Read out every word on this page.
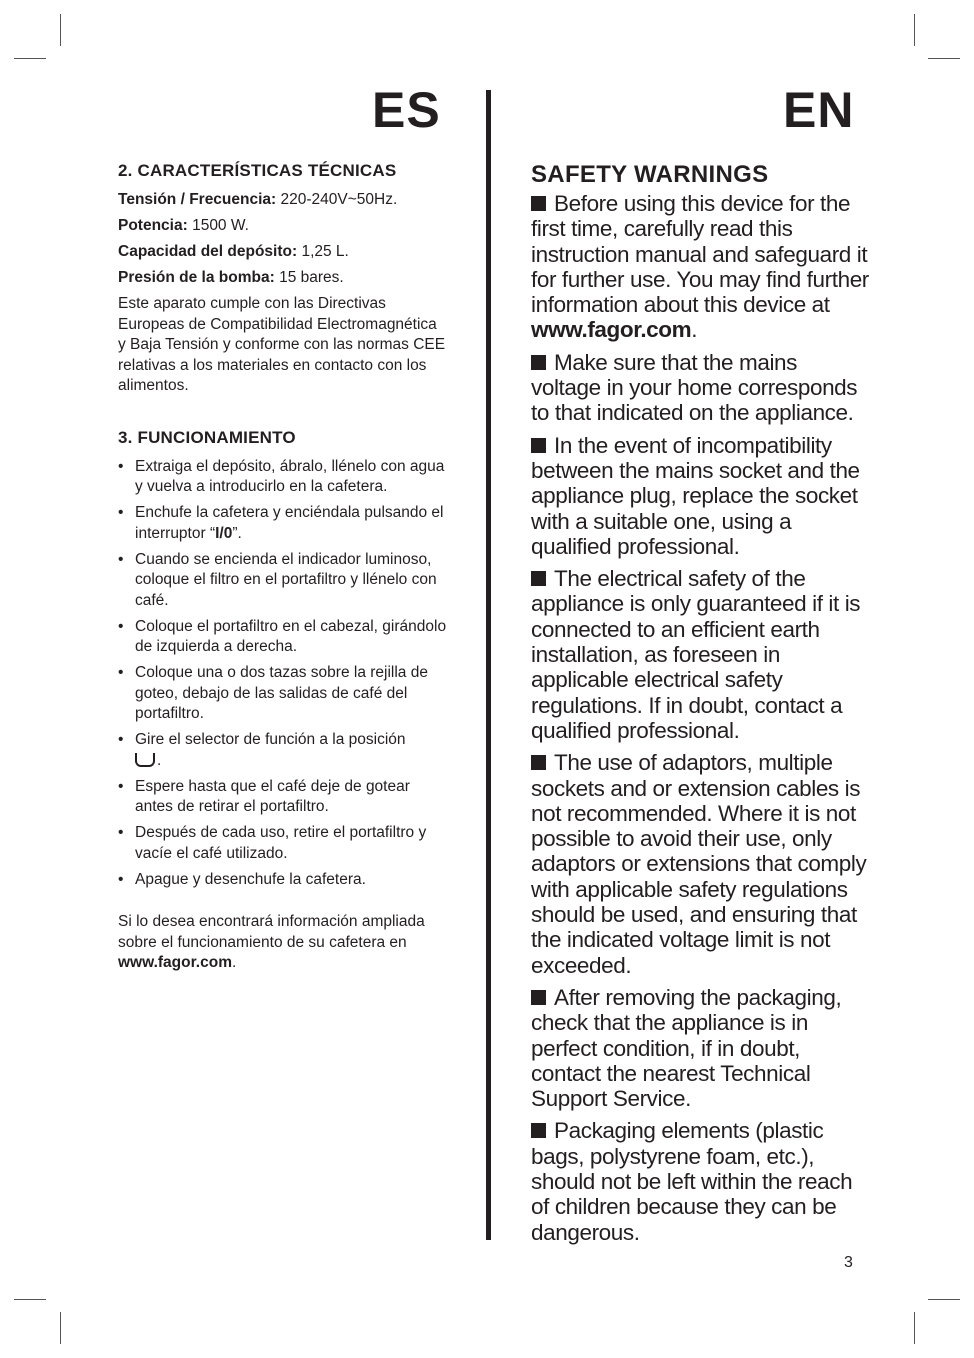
ES	EN
2. CARACTERÍSTICAS TÉCNICAS
Tensión / Frecuencia: 220-240V~50Hz.
Potencia: 1500 W.
Capacidad del depósito: 1,25 L.
Presión de la bomba: 15 bares.
Este aparato cumple con las Directivas Europeas de Compatibilidad Electromagnética y Baja Tensión y conforme con las normas CEE relativas a los materiales en contacto con los alimentos.
3. FUNCIONAMIENTO
• Extraiga el depósito, ábralo, llénelo con agua y vuelva a introducirlo en la cafetera.
• Enchufe la cafetera y enciéndala pulsando el interruptor “I/0”.
• Cuando se encienda el indicador luminoso, coloque el filtro en el portafiltro y llénelo con café.
• Coloque el portafiltro en el cabezal, girándolo de izquierda a derecha.
• Coloque una o dos tazas sobre la rejilla de goteo, debajo de las salidas de café del portafiltro.
• Gire el selector de función a la posición
.
• Espere hasta que el café deje de gotear antes de retirar el portafiltro.
• Después de cada uso, retire el portafiltro y vacíe el café utilizado.
• Apague y desenchufe la cafetera.
Si lo desea encontrará información ampliada sobre el funcionamiento de su cafetera en www.fagor.com.
SAFETY WARNINGS
Before using this device for the first time, carefully read this instruction manual and safeguard it for further use. You may find further information about this device at www.fagor.com.
Make sure that the mains voltage in your home corresponds to that indicated on the appliance.
In the event of incompatibility between the mains socket and the appliance plug, replace the socket with a suitable one, using a qualified professional.
The electrical safety of the appliance is only guaranteed if it is connected to an efficient earth installation, as foreseen in applicable electrical safety regulations. If in doubt, contact a qualified professional.
The use of adaptors, multiple sockets and or extension cables is not recommended. Where it is not possible to avoid their use, only adaptors or extensions that comply with applicable safety regulations should be used, and ensuring that the indicated voltage limit is not exceeded.
After removing the packaging, check that the appliance is in perfect condition, if in doubt, contact the nearest Technical Support Service.
Packaging elements (plastic bags, polystyrene foam, etc.), should not be left within the reach of children because they can be dangerous.
3
